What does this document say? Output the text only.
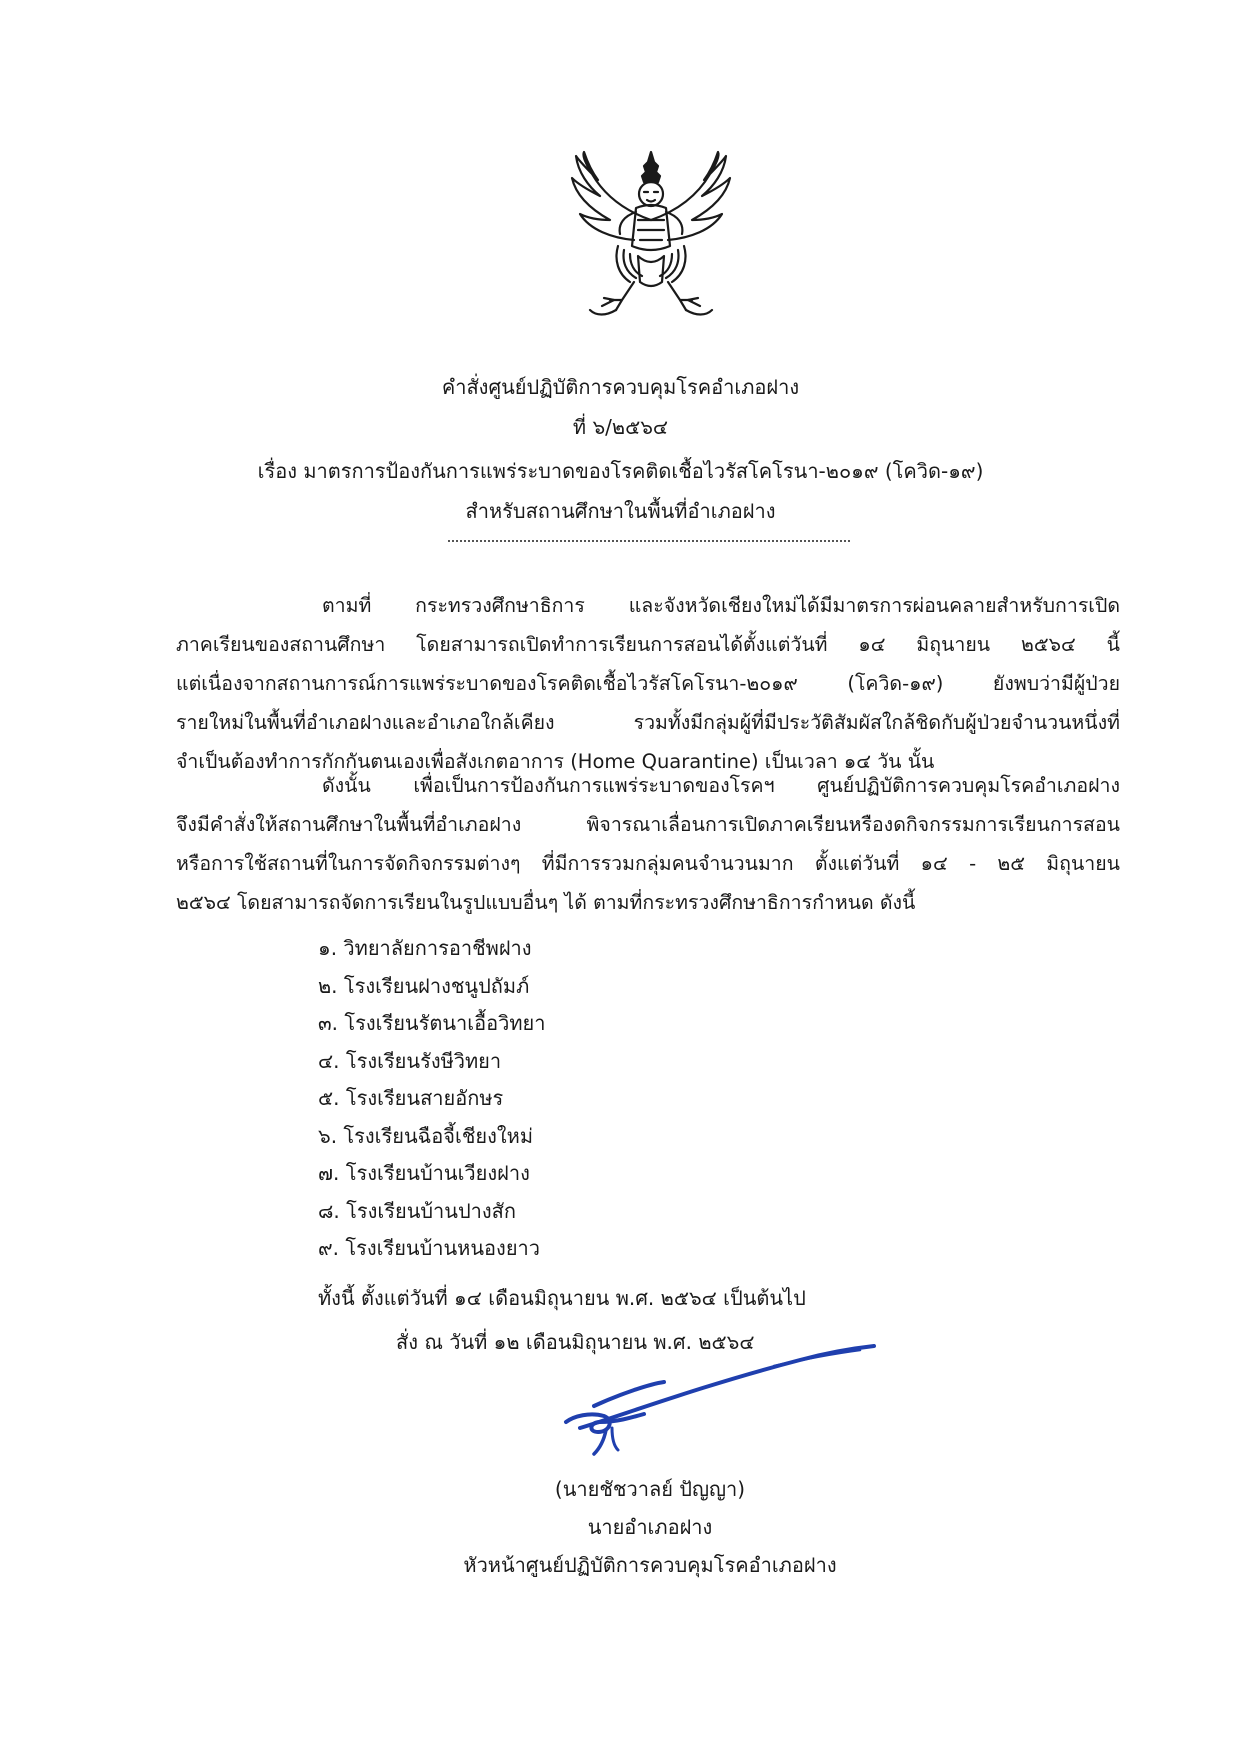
คำสั่งศูนย์ปฏิบัติการควบคุมโรคอำเภอฝาง
ที่ ๖/๒๕๖๔
เรื่อง มาตรการป้องกันการแพร่ระบาดของโรคติดเชื้อไวรัสโคโรนา-๒๐๑๙ (โควิด-๑๙)
สำหรับสถานศึกษาในพื้นที่อำเภอฝาง
ตามที่ กระทรวงศึกษาธิการ และจังหวัดเชียงใหม่ได้มีมาตรการผ่อนคลายสำหรับการเปิด
ภาคเรียนของสถานศึกษา โดยสามารถเปิดทำการเรียนการสอนได้ตั้งแต่วันที่ ๑๔ มิถุนายน ๒๕๖๔ นี้
แต่เนื่องจากสถานการณ์การแพร่ระบาดของโรคติดเชื้อไวรัสโคโรนา-๒๐๑๙ (โควิด-๑๙) ยังพบว่ามีผู้ป่วย
รายใหม่ในพื้นที่อำเภอฝางและอำเภอใกล้เคียง รวมทั้งมีกลุ่มผู้ที่มีประวัติสัมผัสใกล้ชิดกับผู้ป่วยจำนวนหนึ่งที่
จำเป็นต้องทำการกักกันตนเองเพื่อสังเกตอาการ (Home Quarantine) เป็นเวลา ๑๔ วัน นั้น
ดังนั้น เพื่อเป็นการป้องกันการแพร่ระบาดของโรคฯ ศูนย์ปฏิบัติการควบคุมโรคอำเภอฝาง
จึงมีคำสั่งให้สถานศึกษาในพื้นที่อำเภอฝาง พิจารณาเลื่อนการเปิดภาคเรียนหรืองดกิจกรรมการเรียนการสอน
หรือการใช้สถานที่ในการจัดกิจกรรมต่างๆ ที่มีการรวมกลุ่มคนจำนวนมาก ตั้งแต่วันที่ ๑๔ - ๒๕ มิถุนายน
๒๕๖๔ โดยสามารถจัดการเรียนในรูปแบบอื่นๆ ได้ ตามที่กระทรวงศึกษาธิการกำหนด ดังนี้
๑. วิทยาลัยการอาชีพฝาง
๒. โรงเรียนฝางชนูปถัมภ์
๓. โรงเรียนรัตนาเอื้อวิทยา
๔. โรงเรียนรังษีวิทยา
๕. โรงเรียนสายอักษร
๖. โรงเรียนฉือจี้เชียงใหม่
๗. โรงเรียนบ้านเวียงฝาง
๘. โรงเรียนบ้านปางสัก
๙. โรงเรียนบ้านหนองยาว
ทั้งนี้ ตั้งแต่วันที่ ๑๔ เดือนมิถุนายน พ.ศ. ๒๕๖๔ เป็นต้นไป
สั่ง ณ วันที่ ๑๒ เดือนมิถุนายน พ.ศ. ๒๕๖๔
(นายชัชวาลย์ ปัญญา)
นายอำเภอฝาง
หัวหน้าศูนย์ปฏิบัติการควบคุมโรคอำเภอฝาง
